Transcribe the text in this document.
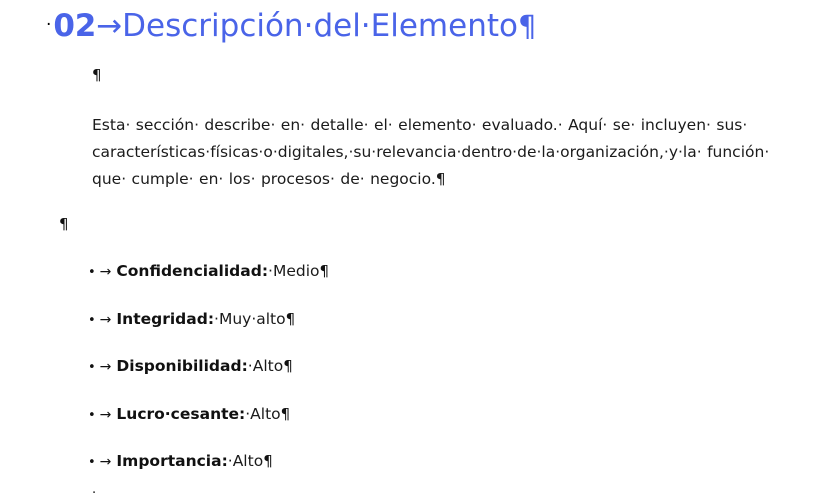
· 02 → Descripción·del·Elemento ¶
¶
¶
Esta· sección· describe· en· detalle· el· elemento· evaluado.· Aquí· se· incluyen· sus· características·físicas·o·digitales,·su·relevancia·dentro·de·la·organización,·y·la· función· que· cumple· en· los· procesos· de· negocio.¶
• → Confidencialidad: ·Medio ¶
• → Integridad: ·Muy·alto ¶
• → Disponibilidad: ·Alto ¶
• → Lucro·cesante: ·Alto ¶
• → Importancia: ·Alto ¶
·
